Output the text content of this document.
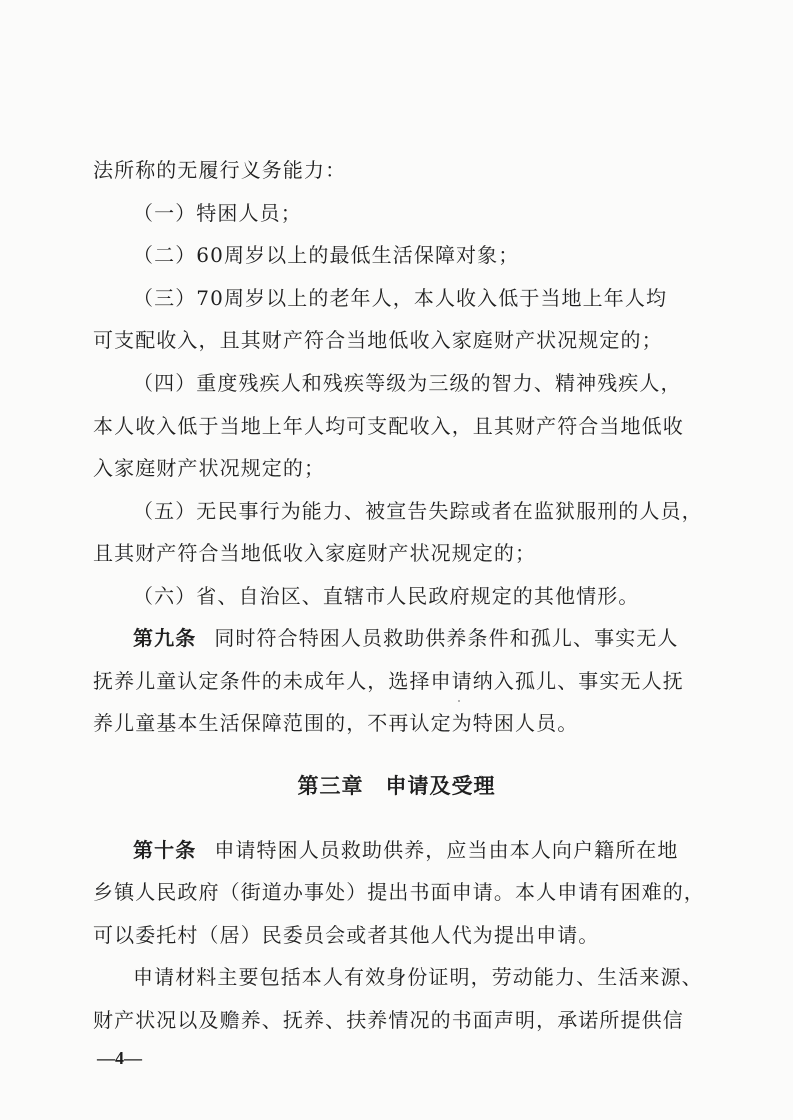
法所称的无履行义务能力：
（一）特困人员；
（二）60周岁以上的最低生活保障对象；
（三）70周岁以上的老年人，本人收入低于当地上年人均
可支配收入，且其财产符合当地低收入家庭财产状况规定的；
（四）重度残疾人和残疾等级为三级的智力、精神残疾人，
本人收入低于当地上年人均可支配收入，且其财产符合当地低收
入家庭财产状况规定的；
（五）无民事行为能力、被宣告失踪或者在监狱服刑的人员，
且其财产符合当地低收入家庭财产状况规定的；
（六）省、自治区、直辖市人民政府规定的其他情形。
第九条 同时符合特困人员救助供养条件和孤儿、事实无人
抚养儿童认定条件的未成年人，选择申请纳入孤儿、事实无人抚
养儿童基本生活保障范围的，不再认定为特困人员。
第三章 申请及受理
第十条 申请特困人员救助供养，应当由本人向户籍所在地
乡镇人民政府（街道办事处）提出书面申请。本人申请有困难的，
可以委托村（居）民委员会或者其他人代为提出申请。
申请材料主要包括本人有效身份证明，劳动能力、生活来源、
财产状况以及赡养、抚养、扶养情况的书面声明，承诺所提供信
—4—
